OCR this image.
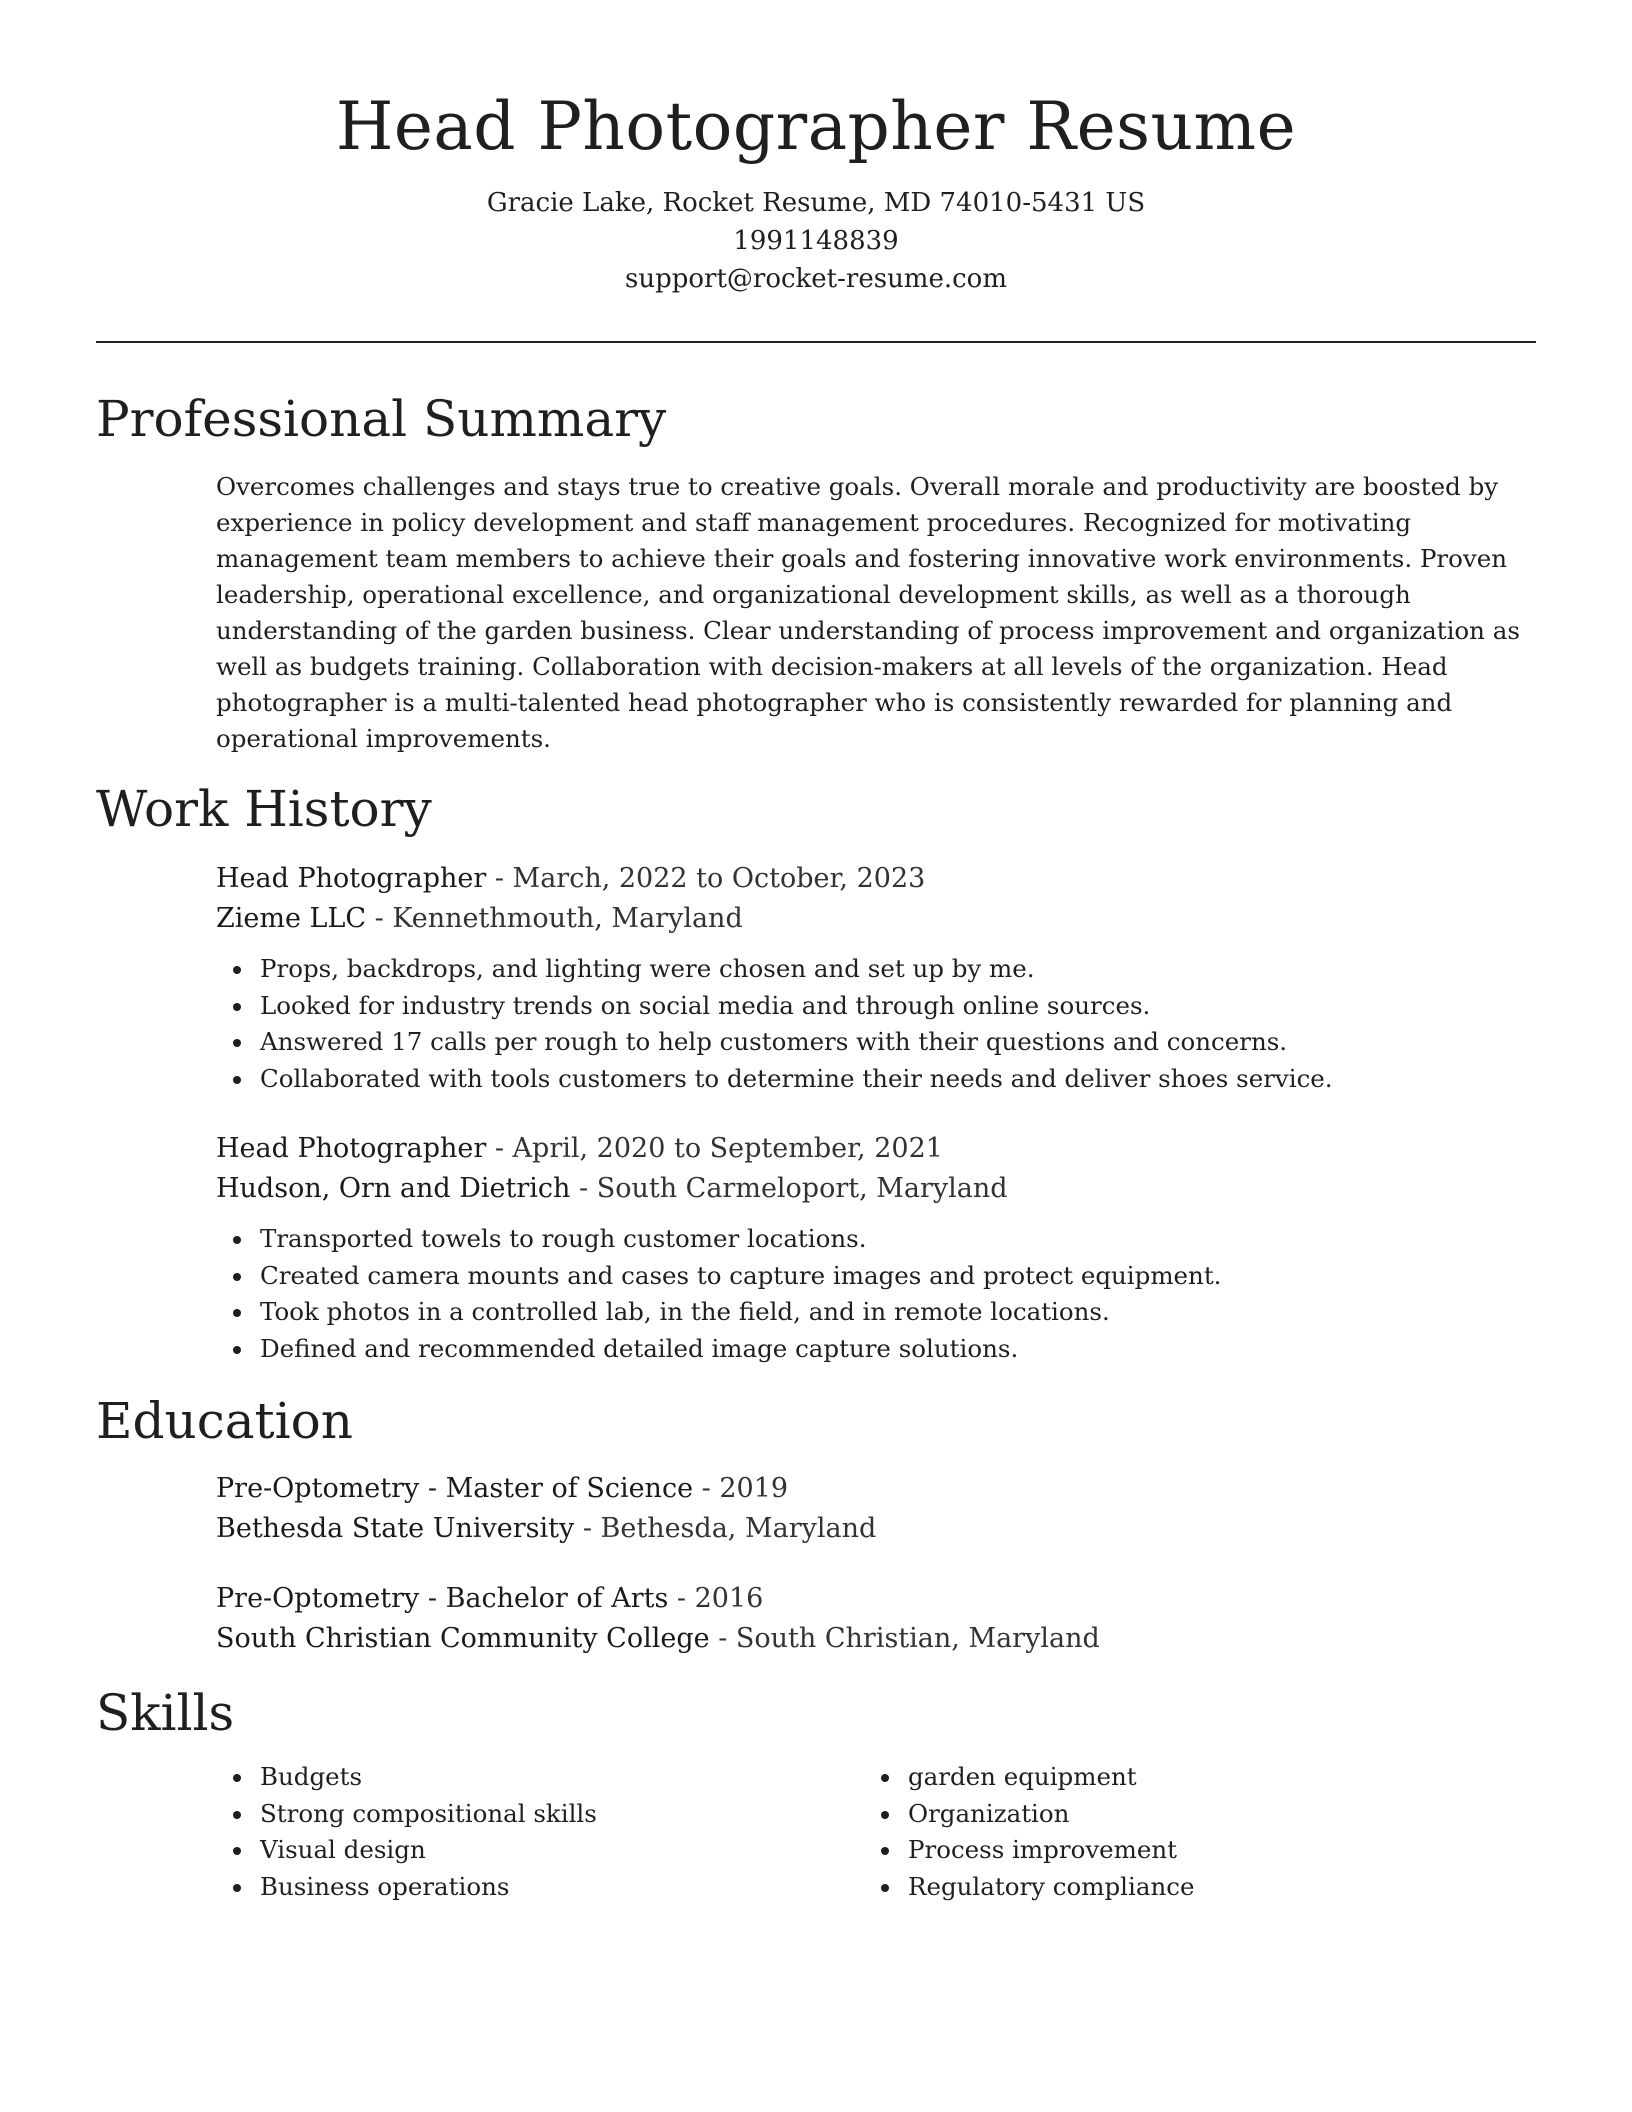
Head Photographer Resume

Gracie Lake, Rocket Resume, MD 74010-5431 US

1991148839

support@rocket-resume.com

Professional Summary

Overcomes challenges and stays true to creative goals. Overall morale and productivity are boosted by experience in policy development and staff management procedures. Recognized for motivating management team members to achieve their goals and fostering innovative work environments. Proven leadership, operational excellence, and organizational development skills, as well as a thorough understanding of the garden business. Clear understanding of process improvement and organization as well as budgets training. Collaboration with decision-makers at all levels of the organization. Head photographer is a multi-talented head photographer who is consistently rewarded for planning and operational improvements.

Work History

Head Photographer - March, 2022 to October, 2023

Zieme LLC - Kennethmouth, Maryland

Props, backdrops, and lighting were chosen and set up by me.
Looked for industry trends on social media and through online sources.
Answered 17 calls per rough to help customers with their questions and concerns.
Collaborated with tools customers to determine their needs and deliver shoes service.

Head Photographer - April, 2020 to September, 2021

Hudson, Orn and Dietrich - South Carmeloport, Maryland

Transported towels to rough customer locations.
Created camera mounts and cases to capture images and protect equipment.
Took photos in a controlled lab, in the field, and in remote locations.
Defined and recommended detailed image capture solutions.
Education

Pre-Optometry - Master of Science - 2019

Bethesda State University - Bethesda, Maryland

Pre-Optometry - Bachelor of Arts - 2016

South Christian Community College - South Christian, Maryland

Skills
Budgets
Strong compositional skills
Visual design
Business operations
garden equipment
Organization
Process improvement
Regulatory compliance
